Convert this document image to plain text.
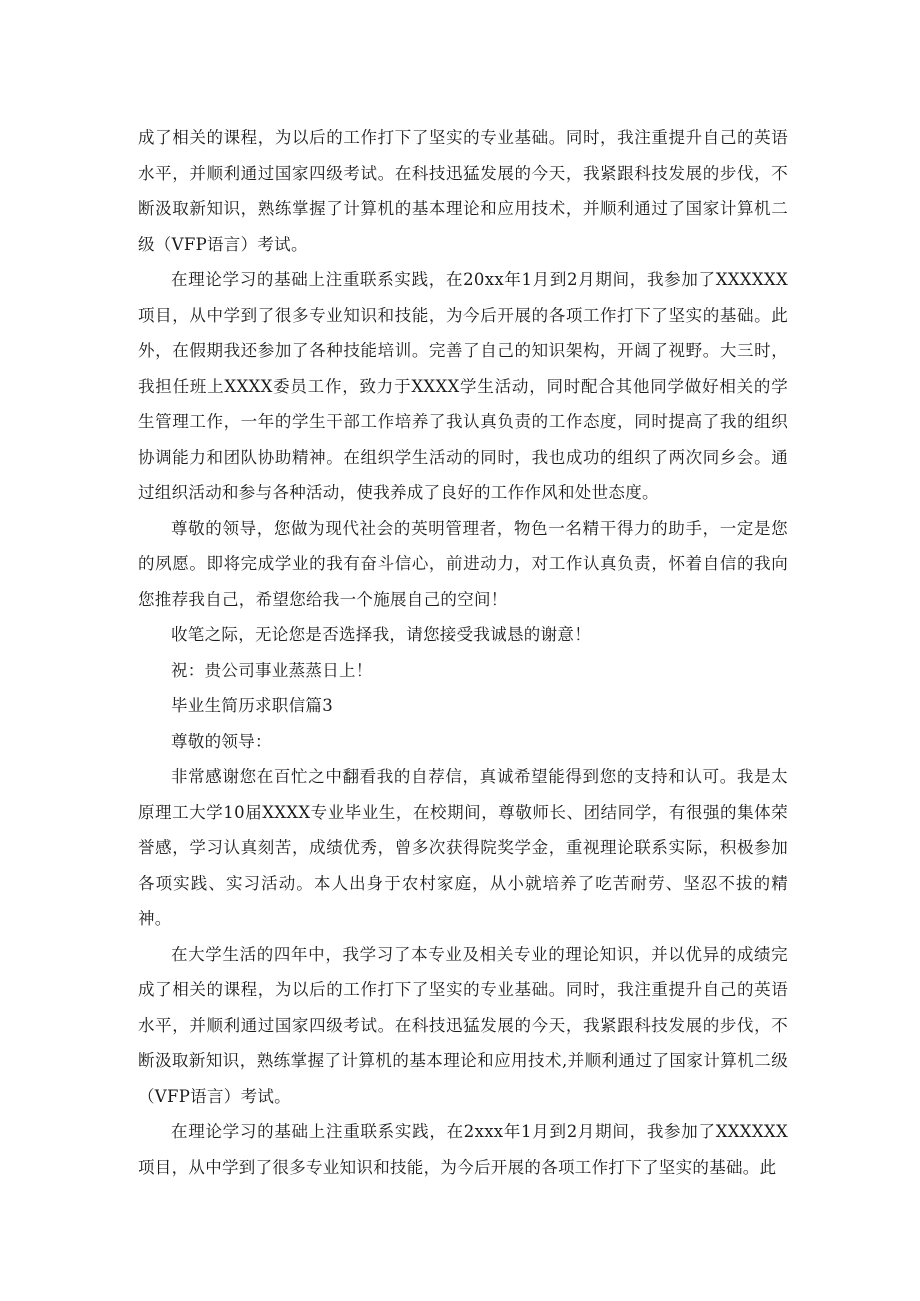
成了相关的课程，为以后的工作打下了坚实的专业基础。同时，我注重提升自己的英语水平，并顺利通过国家四级考试。在科技迅猛发展的今天，我紧跟科技发展的步伐，不断汲取新知识，熟练掌握了计算机的基本理论和应用技术，并顺利通过了国家计算机二级（VFP语言）考试。

在理论学习的基础上注重联系实践，在20xx年1月到2月期间，我参加了XXXXXX项目，从中学到了很多专业知识和技能，为今后开展的各项工作打下了坚实的基础。此外，在假期我还参加了各种技能培训。完善了自己的知识架构，开阔了视野。大三时，我担任班上XXXX委员工作，致力于XXXX学生活动，同时配合其他同学做好相关的学生管理工作，一年的学生干部工作培养了我认真负责的工作态度，同时提高了我的组织协调能力和团队协助精神。在组织学生活动的同时，我也成功的组织了两次同乡会。通过组织活动和参与各种活动，使我养成了良好的工作作风和处世态度。

尊敬的领导，您做为现代社会的英明管理者，物色一名精干得力的助手，一定是您的夙愿。即将完成学业的我有奋斗信心，前进动力，对工作认真负责，怀着自信的我向您推荐我自己，希望您给我一个施展自己的空间！

收笔之际，无论您是否选择我，请您接受我诚恳的谢意！

祝：贵公司事业蒸蒸日上！

毕业生简历求职信篇3

尊敬的领导：

非常感谢您在百忙之中翻看我的自荐信，真诚希望能得到您的支持和认可。我是太原理工大学10届XXXX专业毕业生，在校期间，尊敬师长、团结同学，有很强的集体荣誉感，学习认真刻苦，成绩优秀，曾多次获得院奖学金，重视理论联系实际，积极参加各项实践、实习活动。本人出身于农村家庭，从小就培养了吃苦耐劳、坚忍不拔的精神。

在大学生活的四年中，我学习了本专业及相关专业的理论知识，并以优异的成绩完成了相关的课程，为以后的工作打下了坚实的专业基础。同时，我注重提升自己的英语水平，并顺利通过国家四级考试。在科技迅猛发展的今天，我紧跟科技发展的步伐，不断汲取新知识，熟练掌握了计算机的基本理论和应用技术,并顺利通过了国家计算机二级（VFP语言）考试。

在理论学习的基础上注重联系实践，在2xxx年1月到2月期间，我参加了XXXXXX项目，从中学到了很多专业知识和技能，为今后开展的各项工作打下了坚实的基础。此
